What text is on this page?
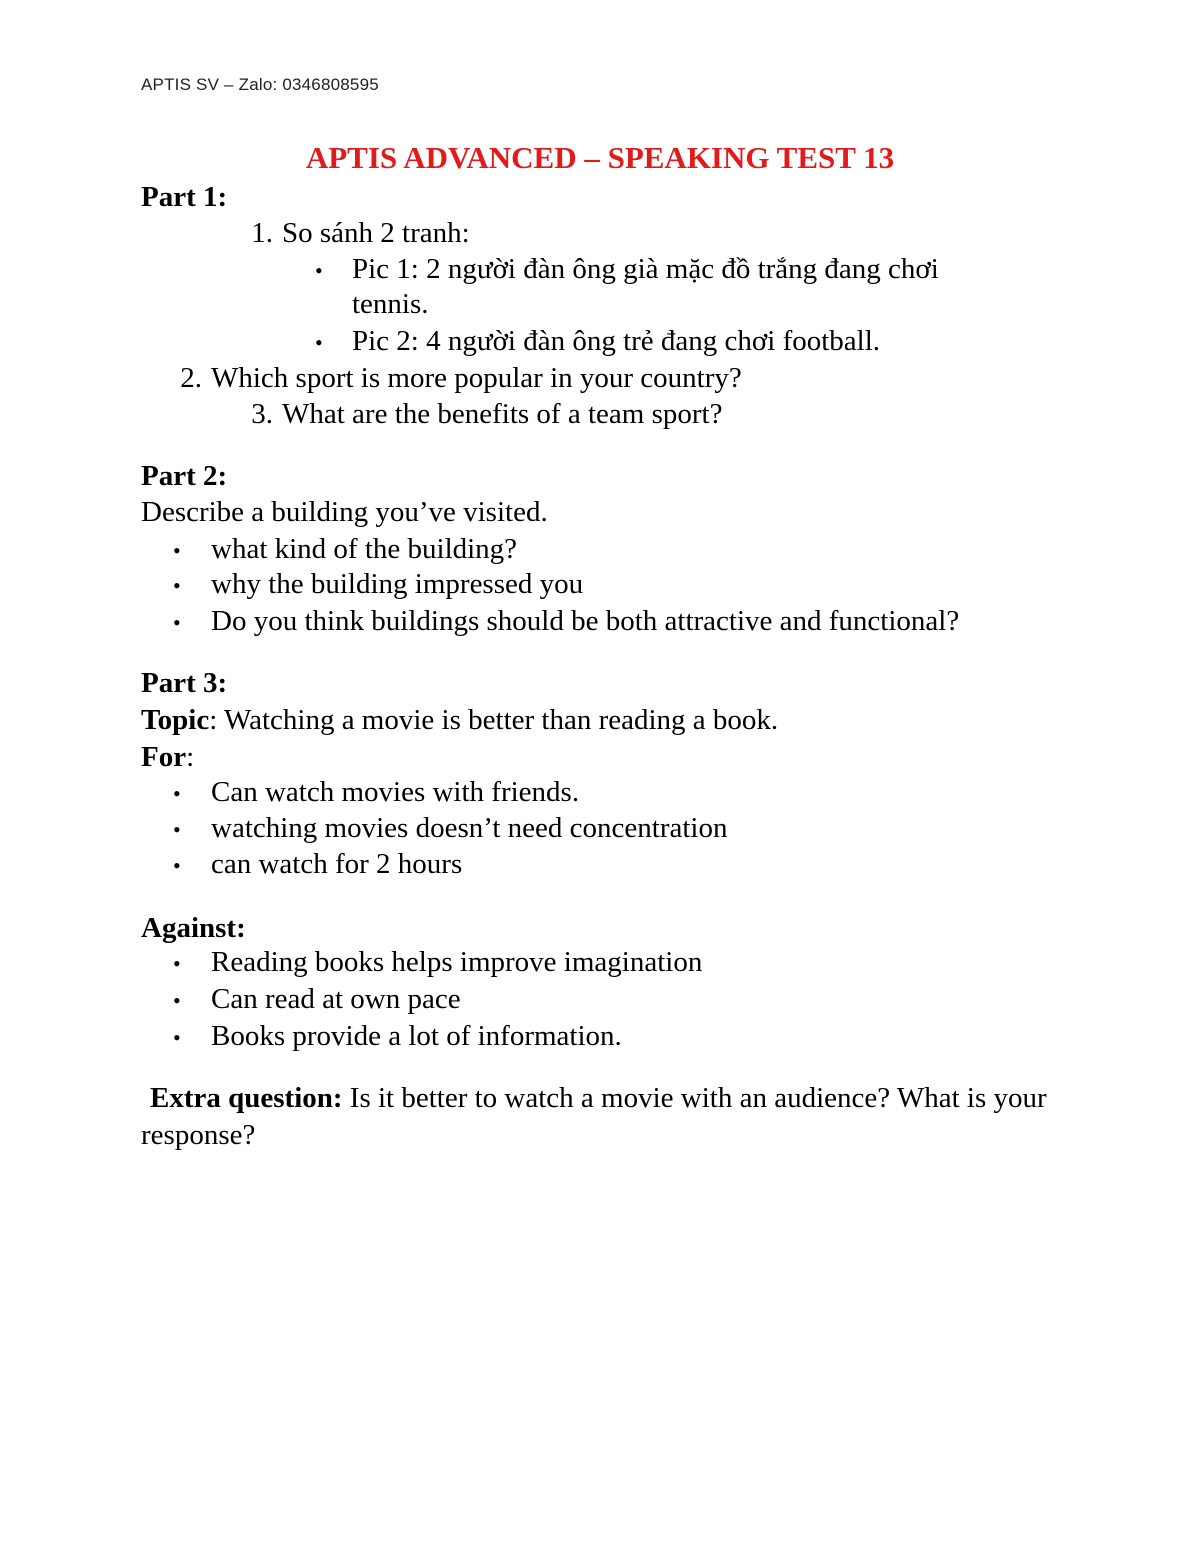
APTIS SV – Zalo: 0346808595
APTIS ADVANCED – SPEAKING TEST 13
Part 1:
1. So sánh 2 tranh:
• Pic 1: 2 người đàn ông già mặc đồ trắng đang chơi
tennis.
• Pic 2: 4 người đàn ông trẻ đang chơi football.
2. Which sport is more popular in your country?
3. What are the benefits of a team sport?
Part 2:
Describe a building you’ve visited.
• what kind of the building?
• why the building impressed you
• Do you think buildings should be both attractive and functional?
Part 3:
Topic: Watching a movie is better than reading a book.
For:
• Can watch movies with friends.
• watching movies doesn’t need concentration
• can watch for 2 hours
Against:
• Reading books helps improve imagination
• Can read at own pace
• Books provide a lot of information.
Extra question: Is it better to watch a movie with an audience? What is your
response?
